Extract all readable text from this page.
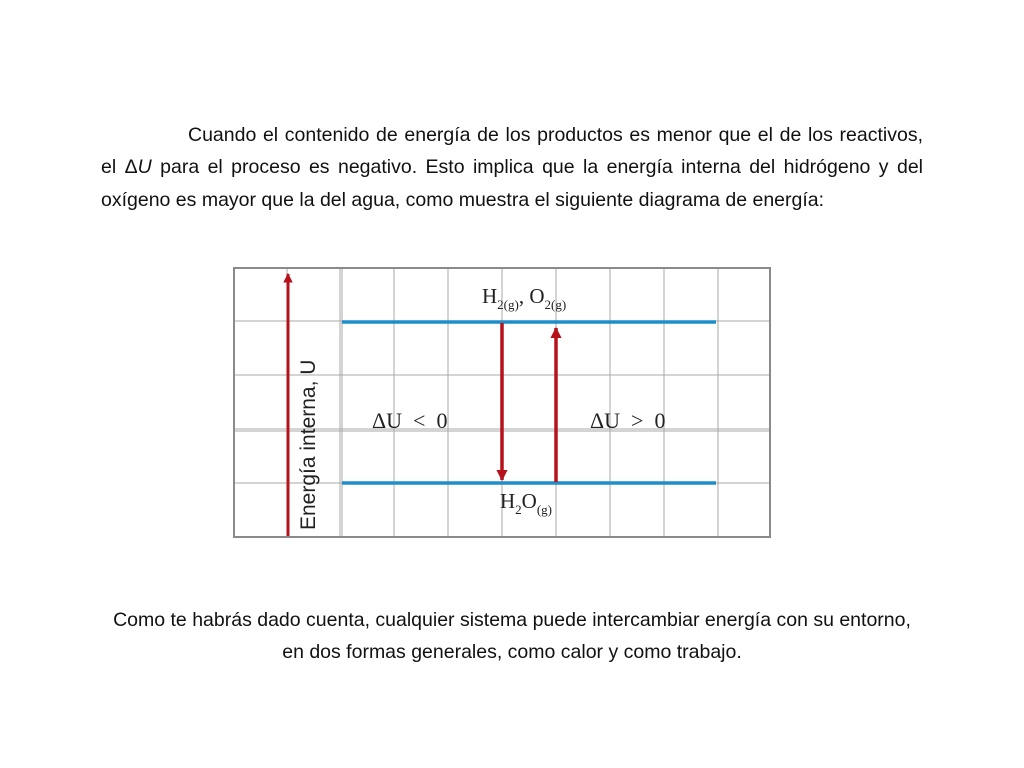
Cuando el contenido de energía de los productos es menor que el de los reactivos, el ΔU para el proceso es negativo. Esto implica que la energía interna del hidrógeno y del oxígeno es mayor que la del agua, como muestra el siguiente diagrama de energía:

Energía interna, U
$H_{2(g)}$, $O_{2(g)}$
$H_2O_{(g)}$
ΔU  <  0	ΔU  >  0

Como te habrás dado cuenta, cualquier sistema puede intercambiar energía con su entorno, en dos formas generales, como calor y como trabajo.
